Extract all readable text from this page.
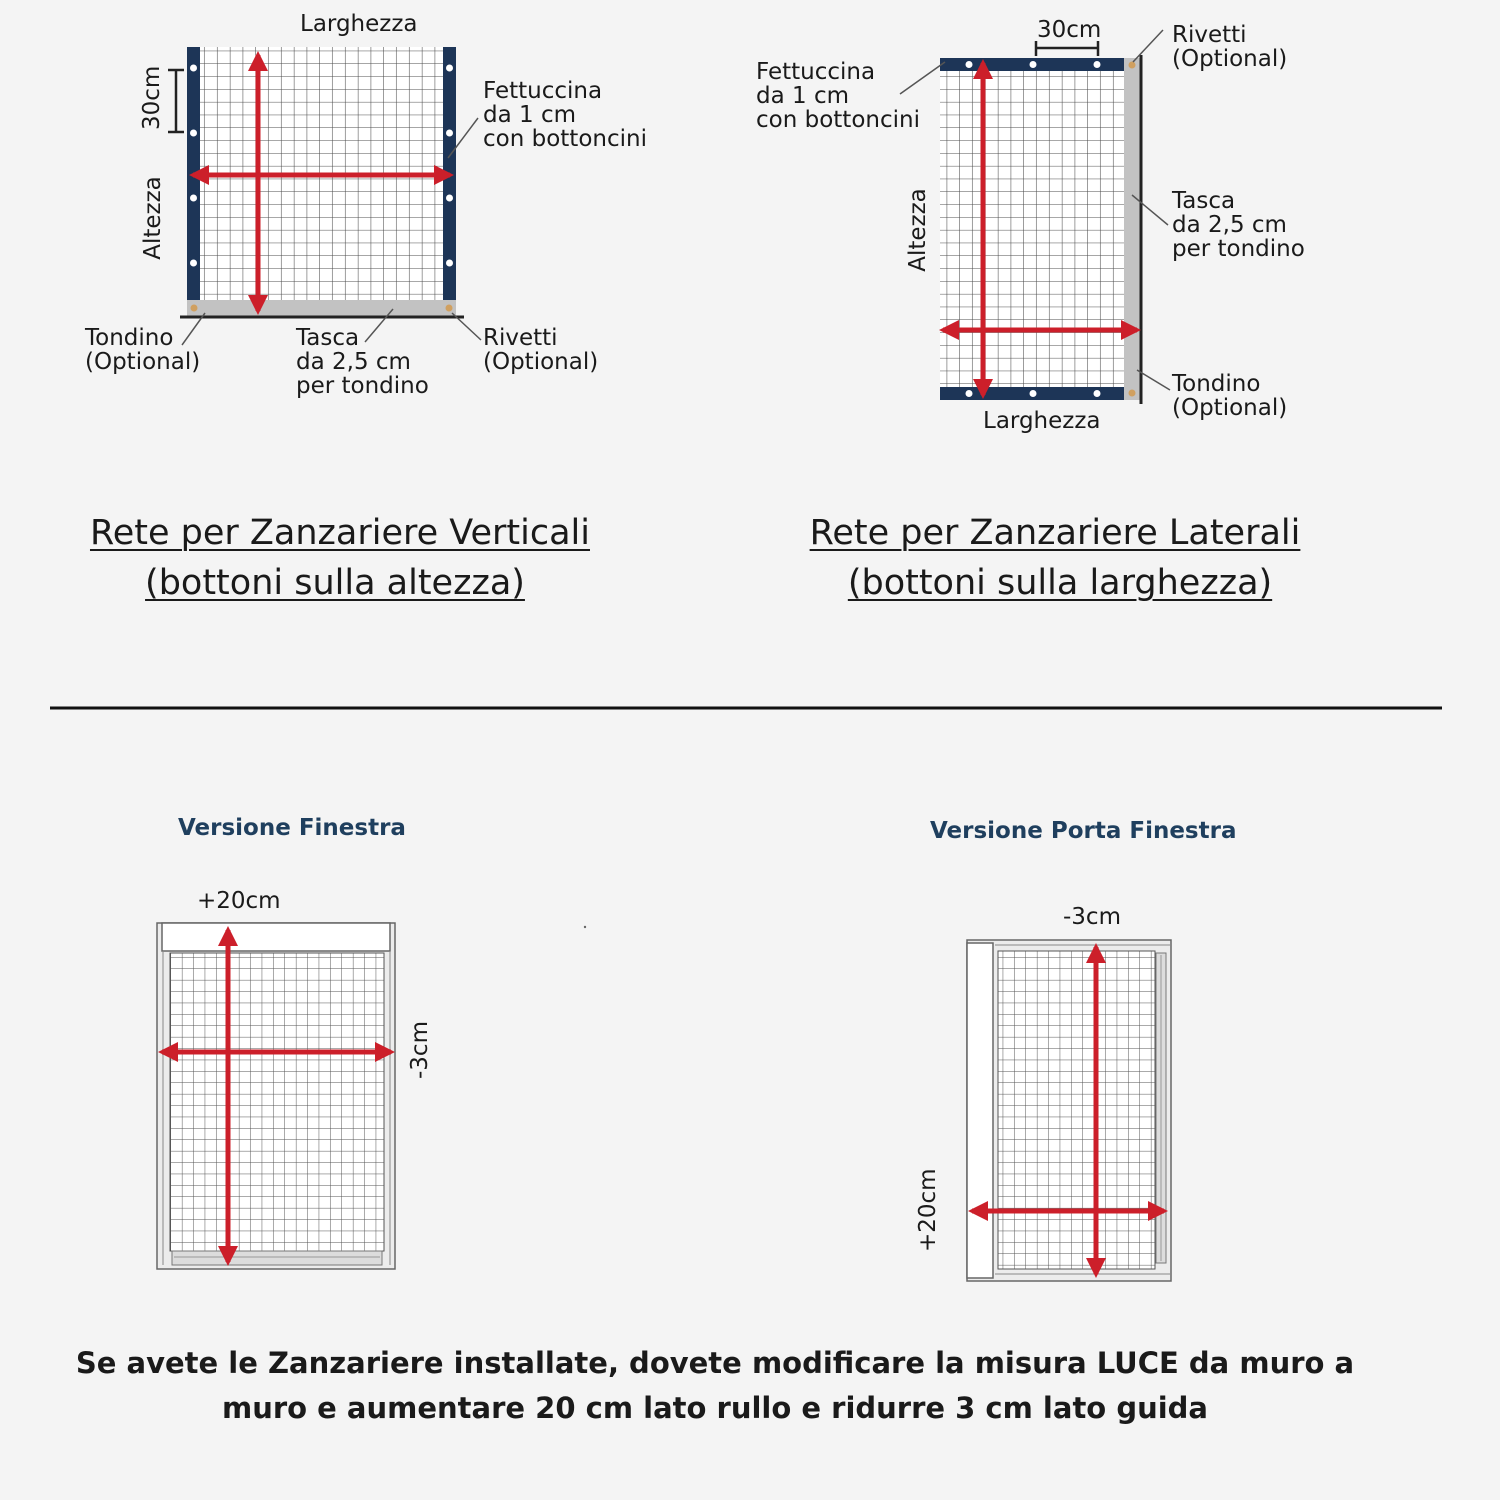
Larghezza
30cm
Altezza
Fettuccina
da 1 cm
con bottoncini
Tondino
(Optional)
Tasca
da 2,5 cm
per tondino
Rivetti
(Optional)
Rete per Zanzariere Verticali
(bottoni sulla altezza)
30cm	Rivetti
(Optional)
Fettuccina
da 1 cm
con bottoncini
Altezza	Tasca
da 2,5 cm
per tondino
Tondino
(Optional)
Larghezza
Rete per Zanzariere Laterali
(bottoni sulla larghezza)
Versione Finestra
+20cm
-3cm
Versione Porta Finestra
-3cm
+20cm
Se avete le Zanzariere installate, dovete modificare la misura LUCE da muro a
muro e aumentare 20 cm lato rullo e ridurre 3 cm lato guida
